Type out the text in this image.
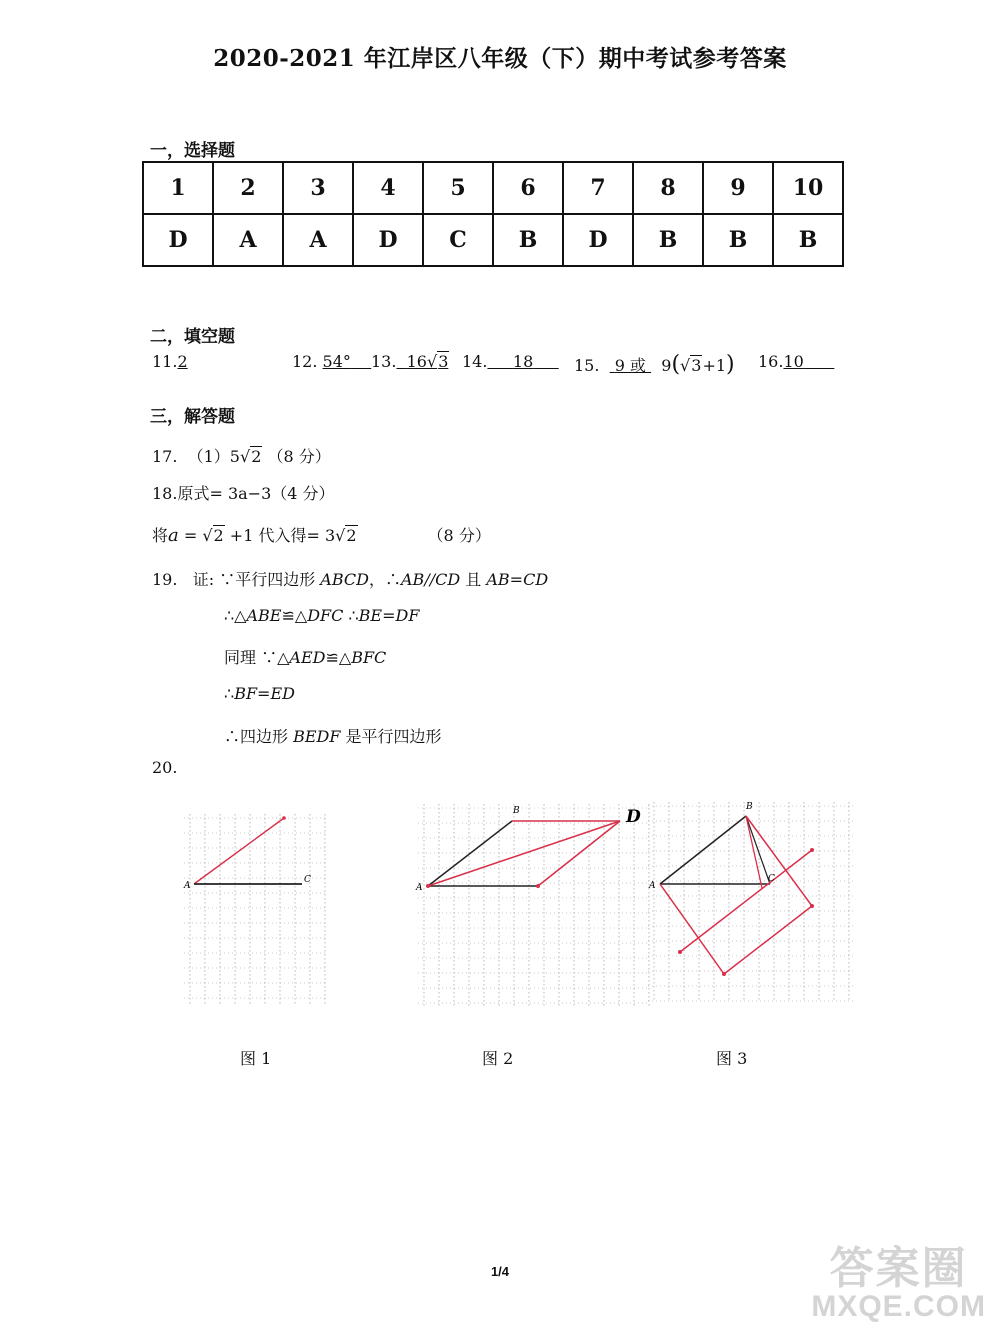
2020-2021 年江岸区八年级（下）期中考试参考答案
一，选择题
1	2	3	4	5	6	7	8	9	10
D	A	A	D	C	B	D	B	B	B
二，填空题
11.2	12. 54°	13. 16√3 14. 18	15. 9 或 9(√3+1) 16.10
三，解答题
17. （1）5√2 （8 分）
18.原式= 3a−3（4 分）
将a = √2 +1 代入得= 3√2	（8 分）
19. 证: ∵平行四边形 ABCD，∴AB//CD 且 AB=CD
∴△ABE≌△DFC ∴BE=DF
同理 ∵△AED≌△BFC
∴BF=ED
∴四边形 BEDF 是平行四边形
20.
A
C
A
B	D
A
B
C
图 1	图 2	图 3
1/4	答案圈
MXQE.COM
